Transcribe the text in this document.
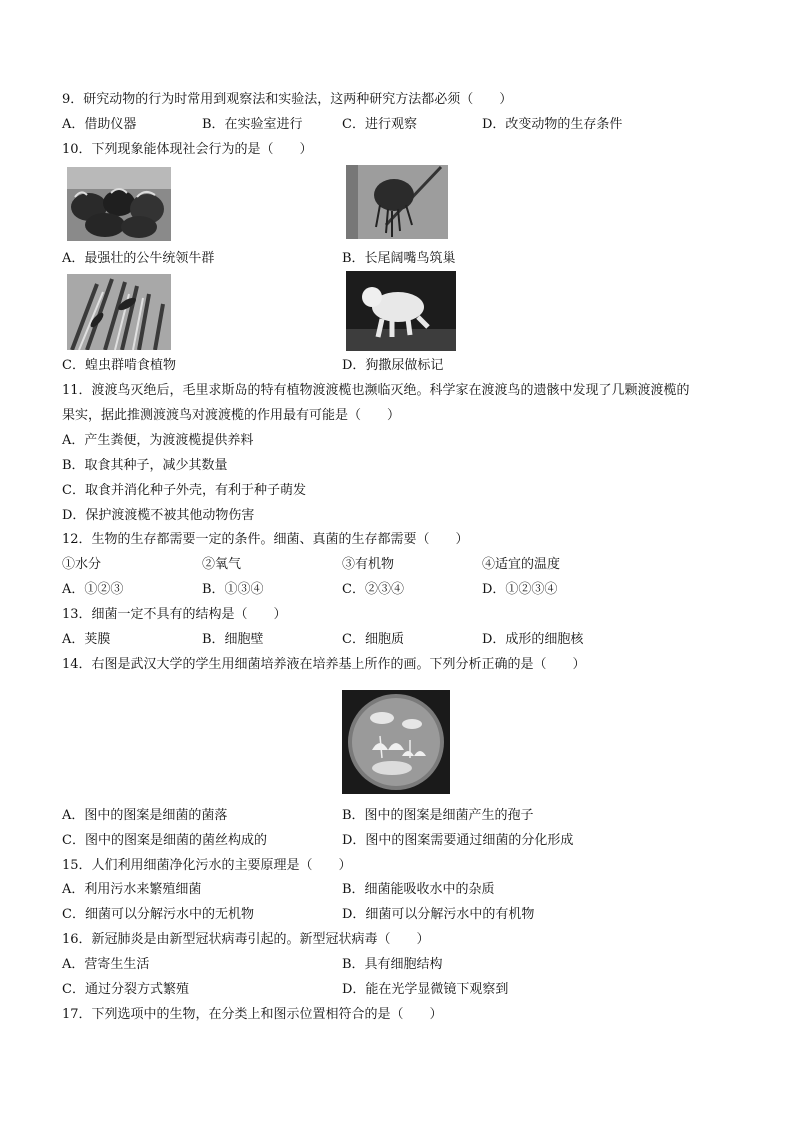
9．研究动物的行为时常用到观察法和实验法，这两种研究方法都必须（　　）
A．借助仪器	B．在实验室进行	C．进行观察	D．改变动物的生存条件
10．下列现象能体现社会行为的是（　　）
A．最强壮的公牛统领牛群	B．长尾阔嘴鸟筑巢
C．蝗虫群啃食植物	D．狗撒尿做标记
11．渡渡鸟灭绝后，毛里求斯岛的特有植物渡渡榄也濒临灭绝。科学家在渡渡鸟的遗骸中发现了几颗渡渡榄的
果实，据此推测渡渡鸟对渡渡榄的作用最有可能是（　　）
A．产生粪便，为渡渡榄提供养料
B．取食其种子，减少其数量
C．取食并消化种子外壳，有利于种子萌发
D．保护渡渡榄不被其他动物伤害
12．生物的生存都需要一定的条件。细菌、真菌的生存都需要（　　）
①水分	②氧气	③有机物	④适宜的温度
A．①②③	B．①③④	C．②③④	D．①②③④
13．细菌一定不具有的结构是（　　）
A．荚膜	B．细胞壁	C．细胞质	D．成形的细胞核
14．右图是武汉大学的学生用细菌培养液在培养基上所作的画。下列分析正确的是（　　）
A．图中的图案是细菌的菌落	B．图中的图案是细菌产生的孢子
C．图中的图案是细菌的菌丝构成的	D．图中的图案需要通过细菌的分化形成
15．人们利用细菌净化污水的主要原理是（　　）
A．利用污水来繁殖细菌	B．细菌能吸收水中的杂质
C．细菌可以分解污水中的无机物	D．细菌可以分解污水中的有机物
16．新冠肺炎是由新型冠状病毒引起的。新型冠状病毒（　　）
A．营寄生生活	B．具有细胞结构
C．通过分裂方式繁殖	D．能在光学显微镜下观察到
17．下列选项中的生物，在分类上和图示位置相符合的是（　　）
